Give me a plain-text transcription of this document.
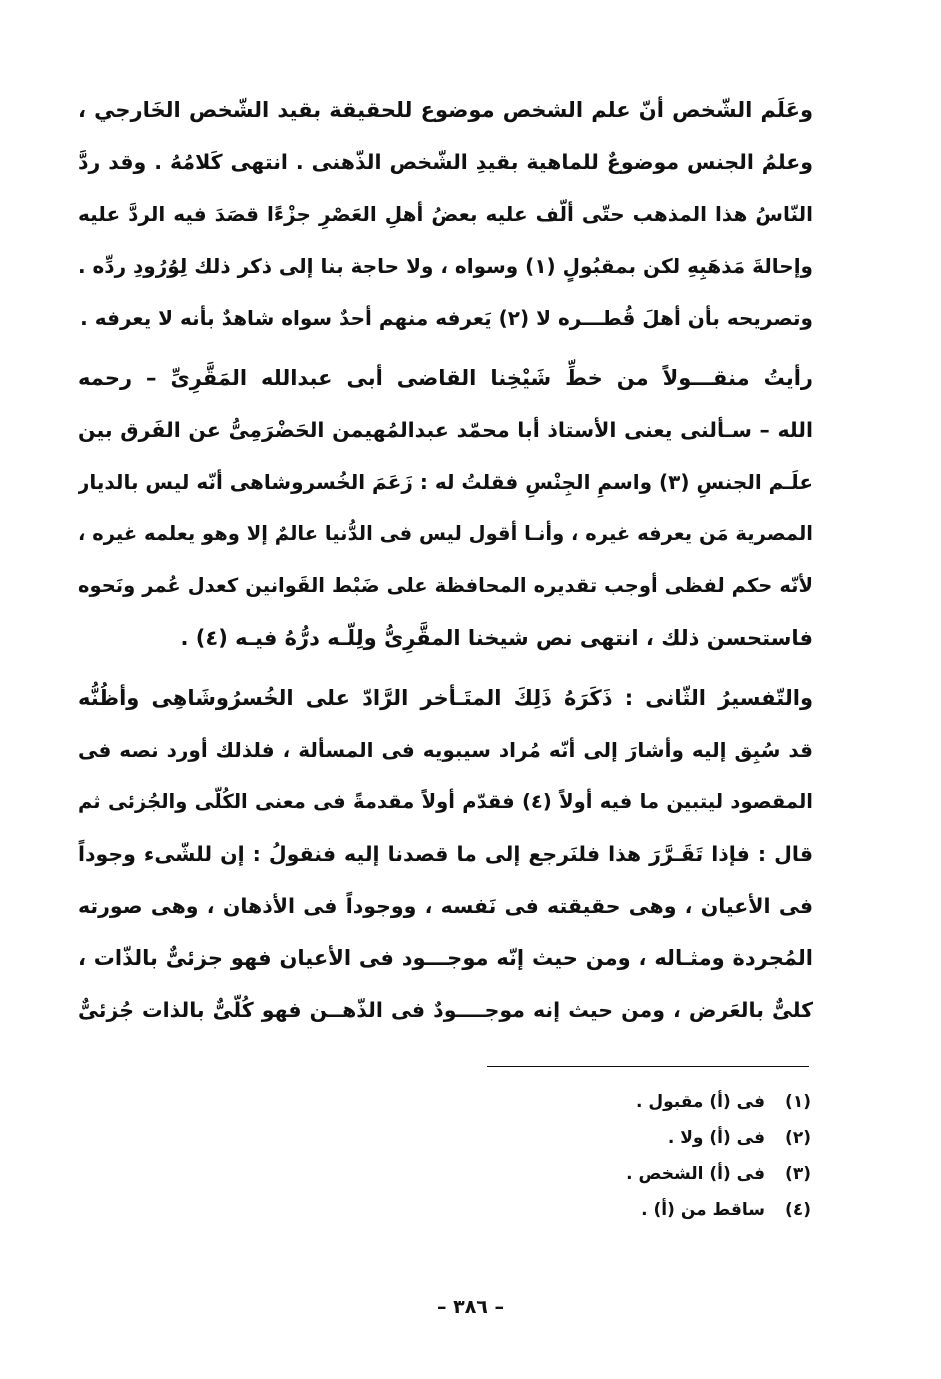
وعَلَم الشّخص أنّ علم الشخص موضوع للحقيقة بقيد الشّخص الخَارجي ،
وعلمُ الجنس موضوعٌ للماهية بقيدِ الشّخص الذّهنى . انتهى كَلامُهُ . وقد ردَّ
النّاسُ هذا المذهب حتّى ألّف عليه بعضُ أهلِ العَصْرِ جزْءًا قصَدَ فيه الردَّ عليه
وإحالةَ مَذهَبِهِ لكن بمقبُولٍ (١) وسواه ، ولا حاجة بنا إلى ذكر ذلك لِوُرُودِ ردِّه .
وتصريحه بأن أهلَ قُطـــره لا (٢) يَعرفه منهم أحدٌ سواه شاهدٌ بأنه لا يعرفه .
رأيتُ منقـــولاً من خطِّ شَيْخِنا القاضى أبى عبدالله المَقَّرِىِّ – رحمه
الله – سـألنى يعنى الأستاذ أبا محمّد عبدالمُهيمن الحَضْرَمِىُّ عن الفَرق بين
علَـم الجنسِ (٣) واسمِ الجِنْسِ فقلتُ له : زَعَمَ الخُسروشاهى أنّه ليس بالديار
المصرية مَن يعرفه غيره ، وأنـا أقول ليس فى الدُّنيا عالمٌ إلا وهو يعلمه غيره ،
لأنّه حكم لفظى أوجب تقديره المحافظة على ضَبْط القَوانين كعدل عُمر ونَحوه
فاستحسن ذلك ، انتهى نص شيخنا المقَّرِىُّ ولِلّـه درُّهُ فيـه (٤) .
والتّفسيرُ الثّانى : ذَكَرَهُ ذَلِكَ المتَـأخر الرَّادّ على الخُسرُوشَاهِى وأظُنُّه
قد سُبِق إليه وأشارَ إلى أنّه مُراد سيبويه فى المسألة ، فلذلك أورد نصه فى
المقصود ليتبين ما فيه أولاً (٤) فقدّم أولاً مقدمةً فى معنى الكُلّى والجُزئى ثم
قال : فإذا تَقَـرَّرَ هذا فلنَرجع إلى ما قصدنا إليه فنقولُ : إن للشّىء وجوداً
فى الأعيان ، وهى حقيقته فى نَفسه ، ووجوداً فى الأذهان ، وهى صورته
المُجردة ومثـاله ، ومن حيث إنّه موجـــود فى الأعيان فهو جزئىٌّ بالذّات ،
كلىٌّ بالعَرض ، ومن حيث إنه موجــــودٌ فى الذّهــن فهو كُلّىٌّ بالذات جُزئىٌّ
(١)فى (أ) مقبول .
(٢)فى (أ) ولا .
(٣)فى (أ) الشخص .
(٤)ساقط من (أ) .
– ٣٨٦ –
